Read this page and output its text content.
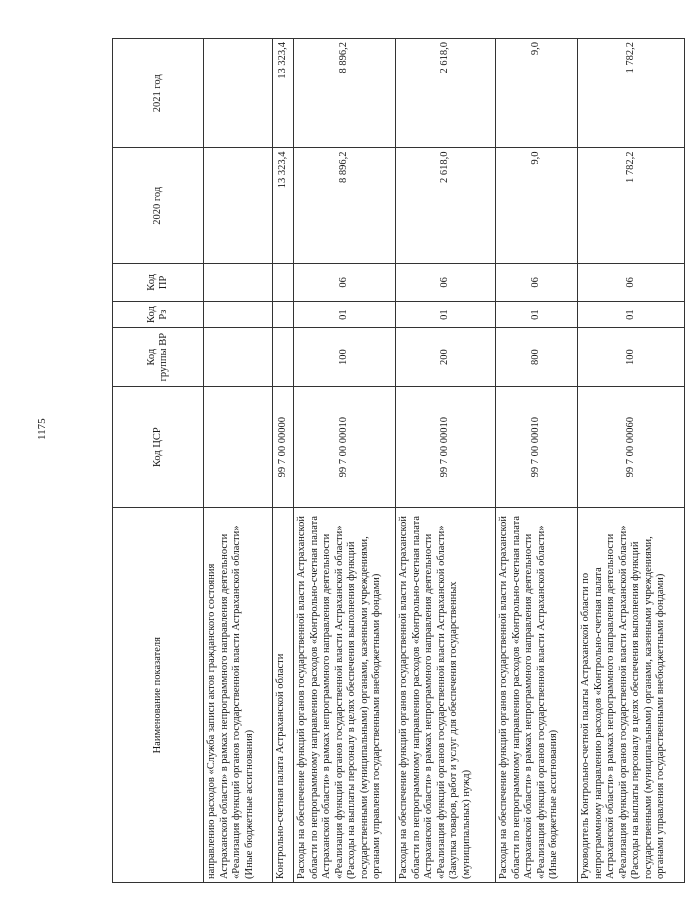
1175
Наименование показателя	Код ЦСР	Код группы ВР	Код Рз	Код ПР	2020 год	2021 год
направлению расходов «Служба записи актов гражданского состояния Астраханской области» в рамках непрограммного направления деятельности «Реализация функций органов государственной власти Астраханской области» (Иные бюджетные ассигнования)						
Контрольно-счетная палата Астраханской области	99 7 00 00000				13 323,4	13 323,4
Расходы на обеспечение функций органов государственной власти Астраханской области по непрограммному направлению расходов «Контрольно-счетная палата Астраханской области» в рамках непрограммного направления деятельности «Реализация функций органов государственной власти Астраханской области» (Расходы на выплаты персоналу в целях обеспечения выполнения функций государственными (муниципальными) органами, казенными учреждениями, органами управления государственными внебюджетными фондами)	99 7 00 00010	100	01	06	8 896,2	8 896,2
Расходы на обеспечение функций органов государственной власти Астраханской области по непрограммному направлению расходов «Контрольно-счетная палата Астраханской области» в рамках непрограммного направления деятельности «Реализация функций органов государственной власти Астраханской области» (Закупка товаров, работ и услуг для обеспечения государственных (муниципальных) нужд)	99 7 00 00010	200	01	06	2 618,0	2 618,0
Расходы на обеспечение функций органов государственной власти Астраханской области по непрограммному направлению расходов «Контрольно-счетная палата Астраханской области» в рамках непрограммного направления деятельности «Реализация функций органов государственной власти Астраханской области» (Иные бюджетные ассигнования)	99 7 00 00010	800	01	06	9,0	9,0
Руководитель Контрольно-счетной палаты Астраханской области по непрограммному направлению расходов «Контрольно-счетная палата Астраханской области» в рамках непрограммного направления деятельности «Реализация функций органов государственной власти Астраханской области» (Расходы на выплаты персоналу в целях обеспечения выполнения функций государственными (муниципальными) органами, казенными учреждениями, органами управления государственными внебюджетными фондами)	99 7 00 00060	100	01	06	1 782,2	1 782,2
